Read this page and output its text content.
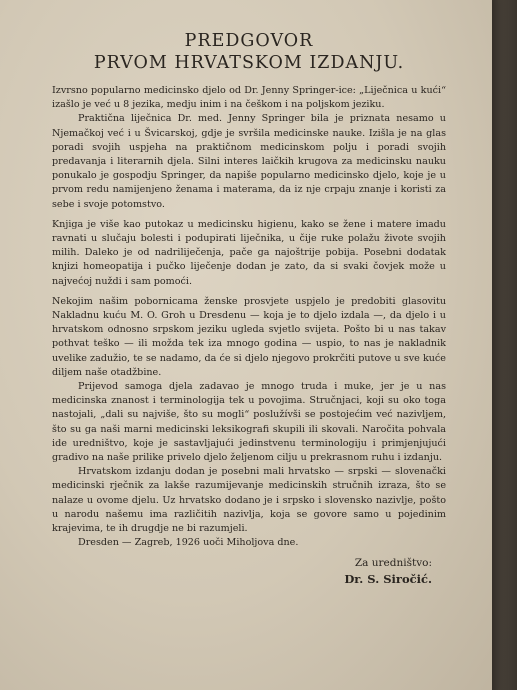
PREDGOVOR
PRVOM HRVATSKOM IZDANJU.

Izvrsno popularno medicinsko djelo od Dr. Jenny Springer-ice: „Liječnica u kući“ izašlo je već u 8 jezika, medju inim i na češkom i na poljskom jeziku.

Praktična liječnica Dr. med. Jenny Springer bila je priznata nesamo u Njemačkoj već i u Švicarskoj, gdje je svršila medicinske nauke. Izišla je na glas poradi svojih uspjeha na praktičnom medicinskom polju i poradi svojih predavanja i literarnih djela. Silni interes laičkih krugova za medicinsku nauku ponukalo je gospodju Springer, da napiše popularno medicinsko djelo, koje je u prvom redu namijenjeno ženama i materama, da iz nje crpaju znanje i koristi za sebe i svoje potomstvo.

Knjiga je više kao putokaz u medicinsku higienu, kako se žene i matere imadu ravnati u slučaju bolesti i podupirati liječnika, u čije ruke polažu živote svojih milih. Daleko je od nadriliječenja, pače ga najoštrije pobija. Posebni dodatak knjizi homeopatija i pučko liječenje dodan je zato, da si svaki čovjek može u najvećoj nuždi i sam pomoći.

Nekojim našim pobornicama ženske prosvjete uspjelo je predobiti glasovitu Nakladnu kuću M. O. Groh u Dresdenu — koja je to djelo izdala —, da djelo i u hrvatskom odnosno srpskom jeziku ugleda svjetlo svijeta. Pošto bi u nas takav pothvat teško — ili možda tek iza mnogo godina — uspio, to nas je nakladnik uvelike zadužio, te se nadamo, da će si djelo njegovo prokrčiti putove u sve kuće diljem naše otadžbine.

Prijevod samoga djela zadavao je mnogo truda i muke, jer je u nas medicinska znanost i terminologija tek u povojima. Stručnjaci, koji su oko toga nastojali, „dali su najviše, što su mogli“ poslužívši se postojećim već nazivljem, što su ga naši marni medicinski leksikografi skupili ili skovali. Naročita pohvala ide uredništvo, koje je sastavljajući jedinstvenu terminologiju i primjenjujući gradivo na naše prilike privelo djelo željenom cilju u prekrasnom ruhu i izdanju.

Hrvatskom izdanju dodan je posebni mali hrvatsko — srpski — slovenački medicinski rječnik za lakše razumijevanje medicinskih stručnih izraza, što se nalaze u ovome djelu. Uz hrvatsko dodano je i srpsko i slovensko nazivlje, pošto u narodu našemu ima različitih nazivlja, koja se govore samo u pojedinim krajevima, te ih drugdje ne bi razumjeli.

Dresden — Zagreb, 1926 uoči Miholjova dne.

Za uredništvo:
Dr. S. Siročić.
